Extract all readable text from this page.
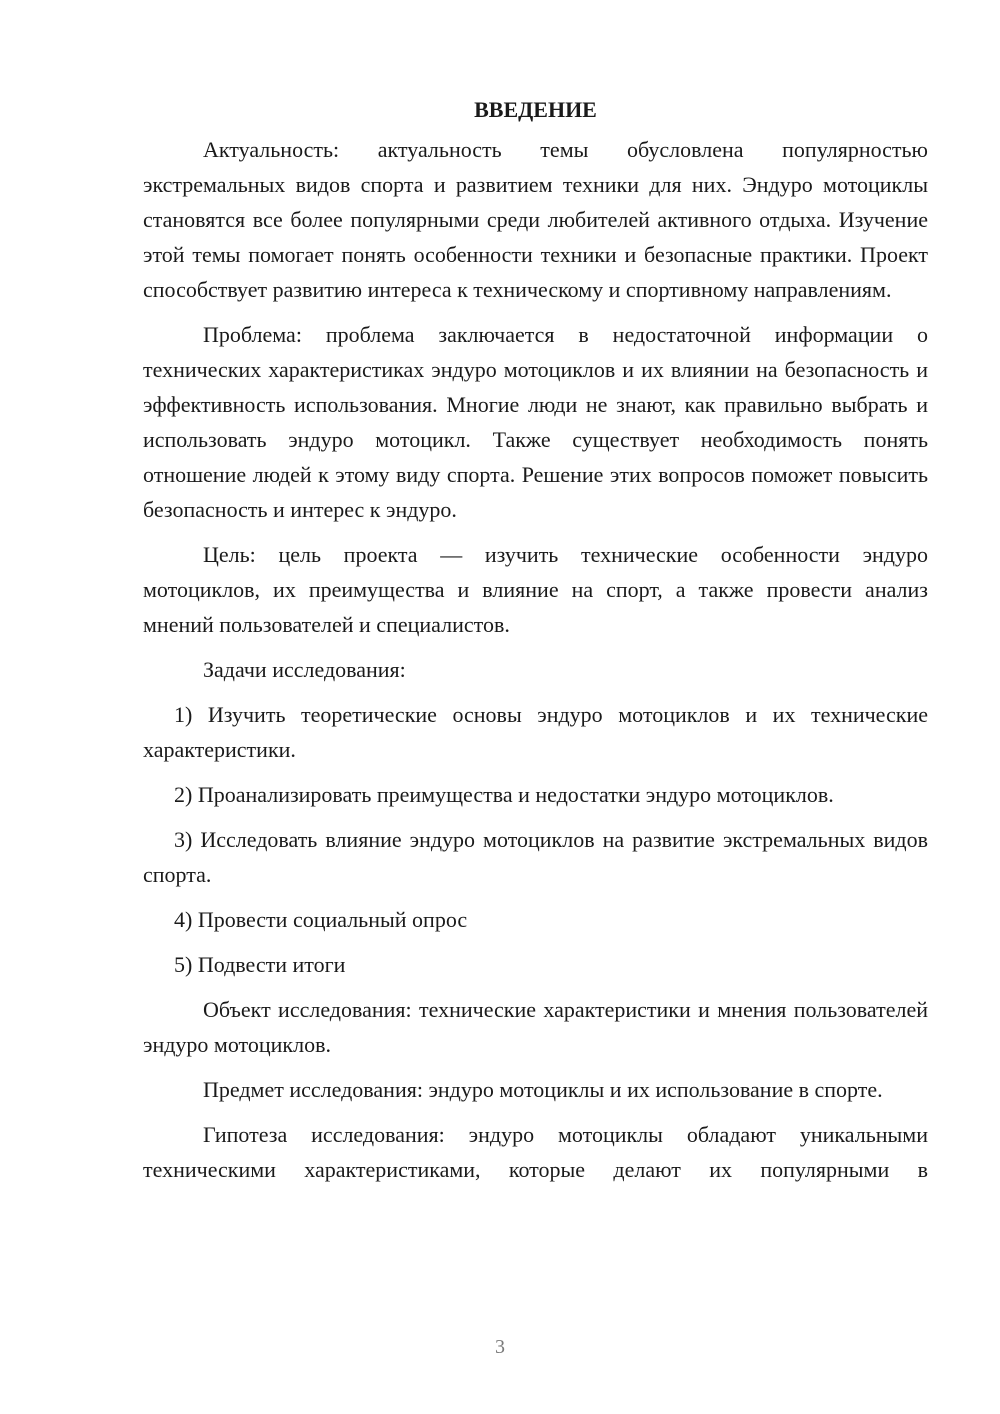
ВВЕДЕНИЕ

Актуальность: актуальность темы обусловлена популярностью экстремальных видов спорта и развитием техники для них. Эндуро мотоциклы становятся все более популярными среди любителей активного отдыха. Изучение этой темы помогает понять особенности техники и безопасные практики. Проект способствует развитию интереса к техническому и спортивному направлениям.

Проблема: проблема заключается в недостаточной информации о технических характеристиках эндуро мотоциклов и их влиянии на безопасность и эффективность использования. Многие люди не знают, как правильно выбрать и использовать эндуро мотоцикл. Также существует необходимость понять отношение людей к этому виду спорта. Решение этих вопросов поможет повысить безопасность и интерес к эндуро.

Цель: цель проекта — изучить технические особенности эндуро мотоциклов, их преимущества и влияние на спорт, а также провести анализ мнений пользователей и специалистов.

Задачи исследования:

1) Изучить теоретические основы эндуро мотоциклов и их технические характеристики.

2) Проанализировать преимущества и недостатки эндуро мотоциклов.

3) Исследовать влияние эндуро мотоциклов на развитие экстремальных видов спорта.

4) Провести социальный опрос

5) Подвести итоги

Объект исследования: технические характеристики и мнения пользователей эндуро мотоциклов.

Предмет исследования: эндуро мотоциклы и их использование в спорте.

Гипотеза исследования: эндуро мотоциклы обладают уникальными техническими характеристиками, которые делают их популярными в

3
